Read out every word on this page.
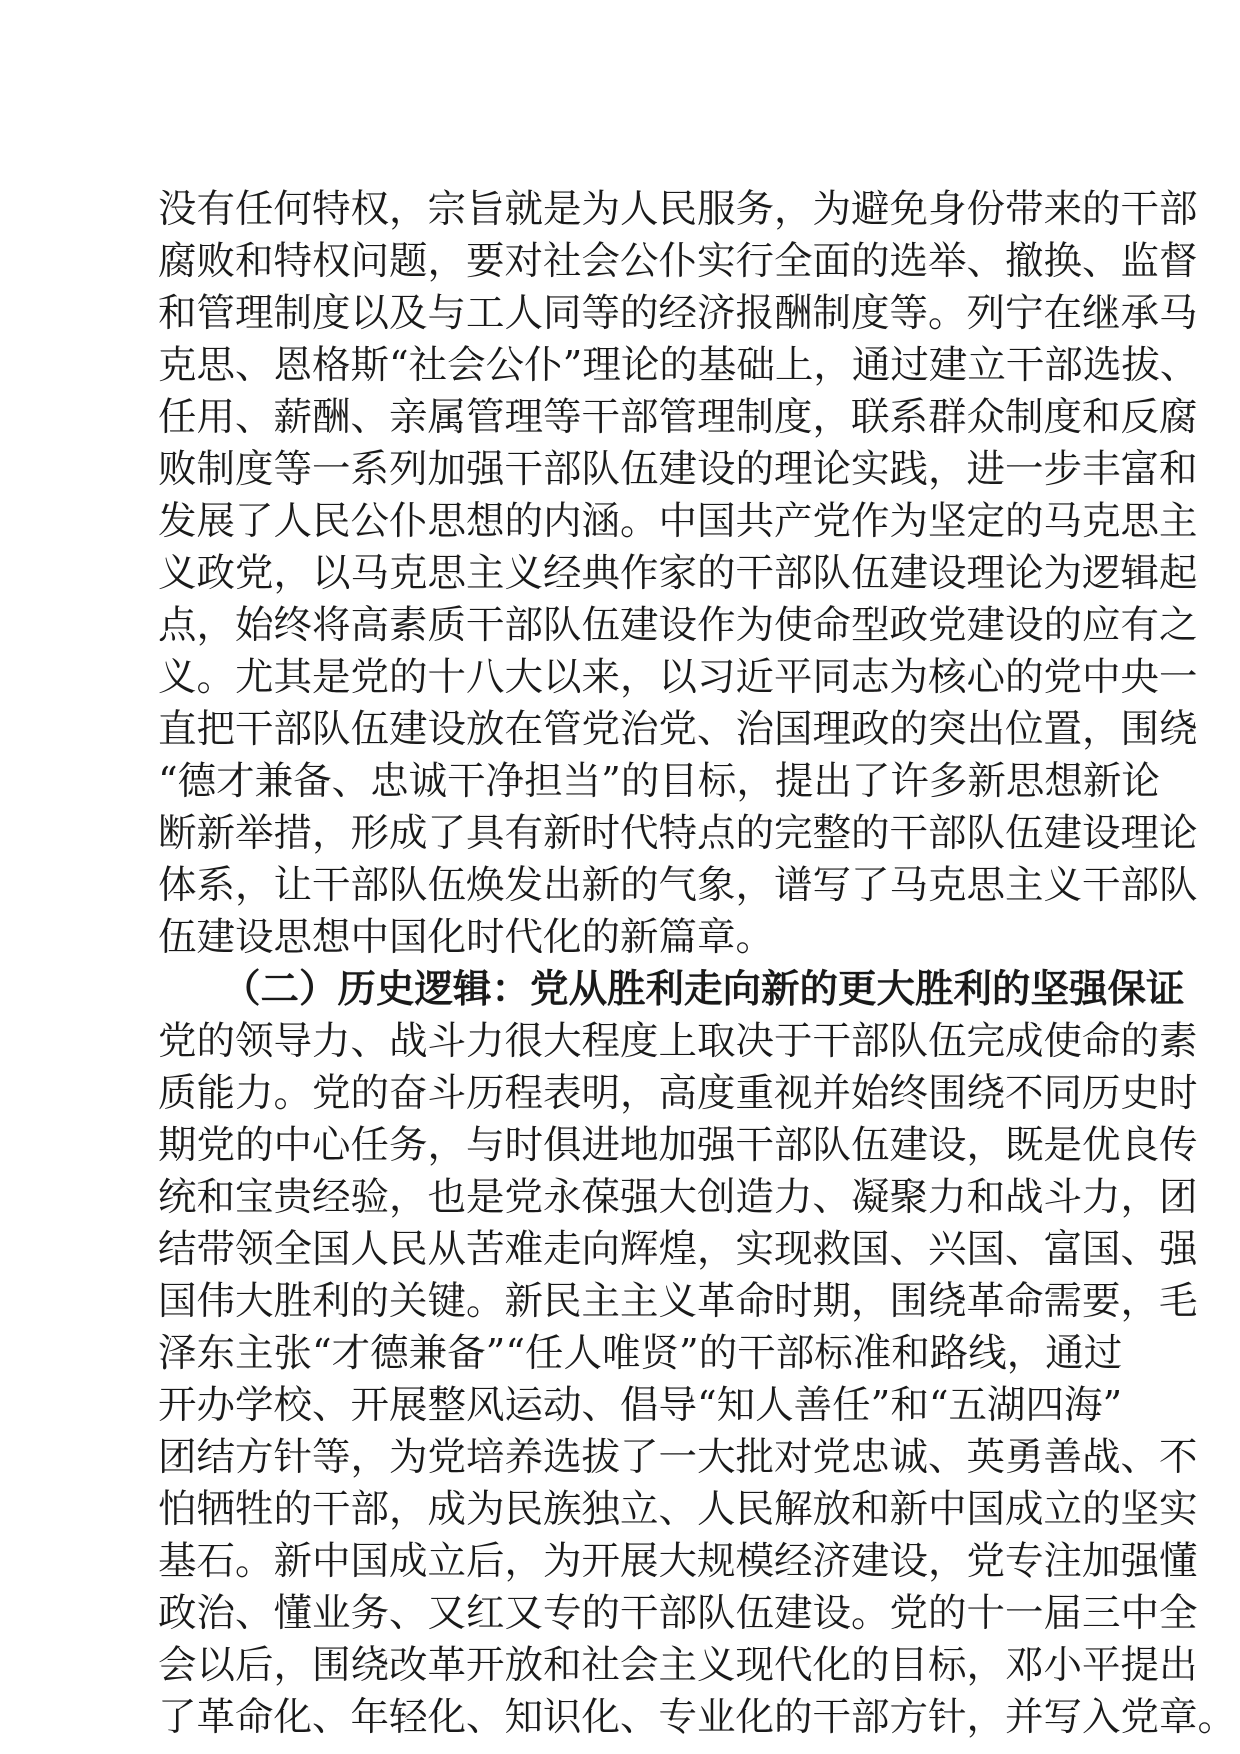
没有任何特权，宗旨就是为人民服务，为避免身份带来的干部
腐败和特权问题，要对社会公仆实行全面的选举、撤换、监督
和管理制度以及与工人同等的经济报酬制度等。列宁在继承马
克思、恩格斯“社会公仆”理论的基础上，通过建立干部选拔、
任用、薪酬、亲属管理等干部管理制度，联系群众制度和反腐
败制度等一系列加强干部队伍建设的理论实践，进一步丰富和
发展了人民公仆思想的内涵。中国共产党作为坚定的马克思主
义政党，以马克思主义经典作家的干部队伍建设理论为逻辑起
点，始终将高素质干部队伍建设作为使命型政党建设的应有之
义。尤其是党的十八大以来，以习近平同志为核心的党中央一
直把干部队伍建设放在管党治党、治国理政的突出位置，围绕
“德才兼备、忠诚干净担当”的目标，提出了许多新思想新论
断新举措，形成了具有新时代特点的完整的干部队伍建设理论
体系，让干部队伍焕发出新的气象，谱写了马克思主义干部队
伍建设思想中国化时代化的新篇章。
（二）历史逻辑：党从胜利走向新的更大胜利的坚强保证
党的领导力、战斗力很大程度上取决于干部队伍完成使命的素
质能力。党的奋斗历程表明，高度重视并始终围绕不同历史时
期党的中心任务，与时俱进地加强干部队伍建设，既是优良传
统和宝贵经验，也是党永葆强大创造力、凝聚力和战斗力，团
结带领全国人民从苦难走向辉煌，实现救国、兴国、富国、强
国伟大胜利的关键。新民主主义革命时期，围绕革命需要，毛
泽东主张“才德兼备”“任人唯贤”的干部标准和路线，通过
开办学校、开展整风运动、倡导“知人善任”和“五湖四海”
团结方针等，为党培养选拔了一大批对党忠诚、英勇善战、不
怕牺牲的干部，成为民族独立、人民解放和新中国成立的坚实
基石。新中国成立后，为开展大规模经济建设，党专注加强懂
政治、懂业务、又红又专的干部队伍建设。党的十一届三中全
会以后，围绕改革开放和社会主义现代化的目标，邓小平提出
了革命化、年轻化、知识化、专业化的干部方针，并写入党章。
